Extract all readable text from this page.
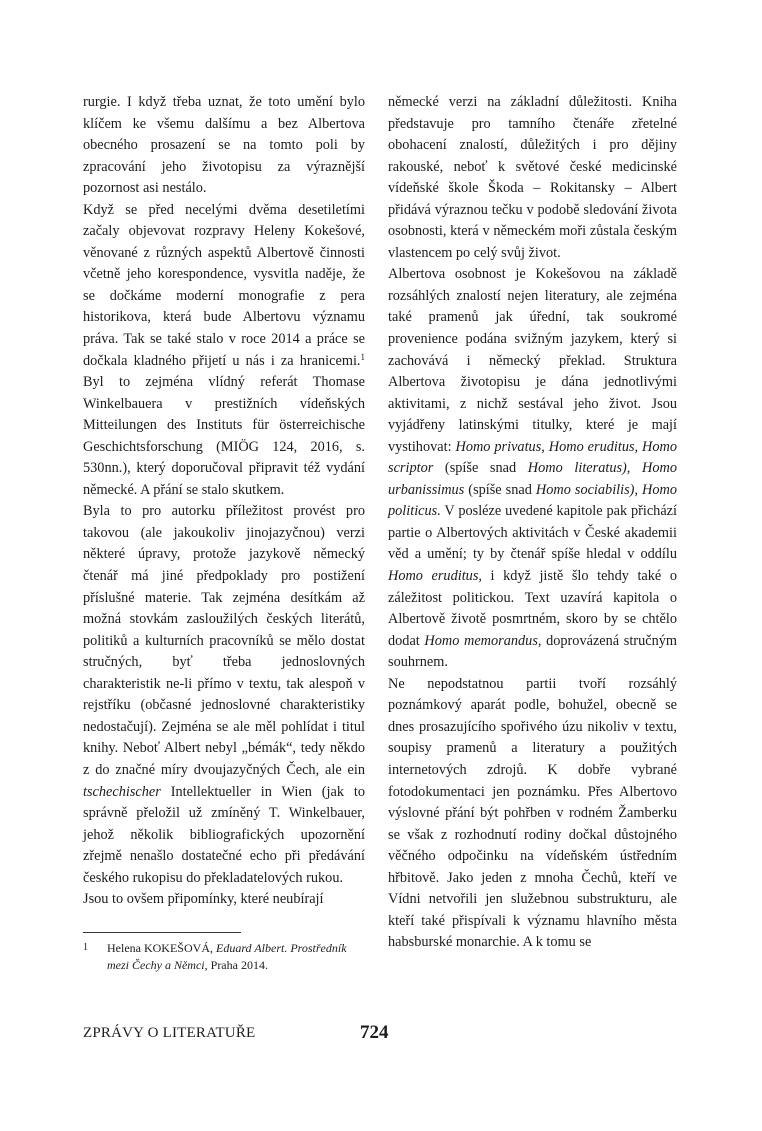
rurgie. I když třeba uznat, že toto umění bylo klíčem ke všemu dalšímu a bez Albertova obecného prosazení se na tomto poli by zpracování jeho životopisu za výraznější pozornost asi nestálo.

Když se před necelými dvěma desetiletími začaly objevovat rozpravy Heleny Kokešové, věnované z různých aspektů Albertově činnosti včetně jeho korespondence, vysvitla naděje, že se dočkáme moderní monografie z pera historikova, která bude Albertovu významu práva. Tak se také stalo v roce 2014 a práce se dočkala kladného přijetí u nás i za hranicemi.$^1$ Byl to zejména vlídný referát Thomase Winkelbauera v prestižních vídeňských Mitteilungen des Instituts für österreichische Geschichtsforschung (MIÖG 124, 2016, s. 530nn.), který doporučoval připravit též vydání německé. A přání se stalo skutkem.

Byla to pro autorku příležitost provést pro takovou (ale jakoukoliv jinojazyčnou) verzi některé úpravy, protože jazykově německý čtenář má jiné předpoklady pro postižení příslušné materie. Tak zejména desítkám až možná stovkám zasloužilých českých literátů, politiků a kulturních pracovníků se mělo dostat stručných, byť třeba jednoslovných charakteristik ne-li přímo v textu, tak alespoň v rejstříku (občasné jednoslovné charakteristiky nedostačují). Zejména se ale měl pohlídat i titul knihy. Neboť Albert nebyl „bémák“, tedy někdo z do značné míry dvoujazyčných Čech, ale ein tschechischer Intellektueller in Wien (jak to správně přeložil už zmíněný T. Winkelbauer, jehož několik bibliografických upozornění zřejmě nenašlo dostatečné echo při předávání českého rukopisu do překladatelových rukou.

Jsou to ovšem připomínky, které neubírají

německé verzi na základní důležitosti. Kniha představuje pro tamního čtenáře zřetelné obohacení znalostí, důležitých i pro dějiny rakouské, neboť k světové české medicinské vídeňské škole Škoda – Rokitansky – Albert přidává výraznou tečku v podobě sledování života osobnosti, která v německém moři zůstala českým vlastencem po celý svůj život.

Albertova osobnost je Kokešovou na základě rozsáhlých znalostí nejen literatury, ale zejména také pramenů jak úřední, tak soukromé provenience podána svižným jazykem, který si zachovává i německý překlad. Struktura Albertova životopisu je dána jednotlivými aktivitami, z nichž sestával jeho život. Jsou vyjádřeny latinskými titulky, které je mají vystihovat: Homo privatus, Homo eruditus, Homo scriptor (spíše snad Homo literatus), Homo urbanissimus (spíše snad Homo sociabilis), Homo politicus. V posléze uvedené kapitole pak přichází partie o Albertových aktivitách v České akademii věd a umění; ty by čtenář spíše hledal v oddílu Homo eruditus, i když jistě šlo tehdy také o záležitost politickou. Text uzavírá kapitola o Albertově životě posmrtném, skoro by se chtělo dodat Homo memorandus, doprovázená stručným souhrnem.

Ne nepodstatnou partii tvoří rozsáhlý poznámkový aparát podle, bohužel, obecně se dnes prosazujícího spořivého úzu nikoliv v textu, soupisy pramenů a literatury a použitých internetových zdrojů. K dobře vybrané fotodokumentaci jen poznámku. Přes Albertovo výslovné přání být pohřben v rodném Žamberku se však z rozhodnutí rodiny dočkal důstojného věčného odpočinku na vídeňském ústředním hřbitově. Jako jeden z mnoha Čechů, kteří ve Vídni netvořili jen služebnou substrukturu, ale kteří také přispívali k významu hlavního města habsburské monarchie. A k tomu se

1	Helena KOKEŠOVÁ, Eduard Albert. Prostředník mezi Čechy a Němci, Praha 2014.
ZPRÁVY O LITERATUŘE	724
